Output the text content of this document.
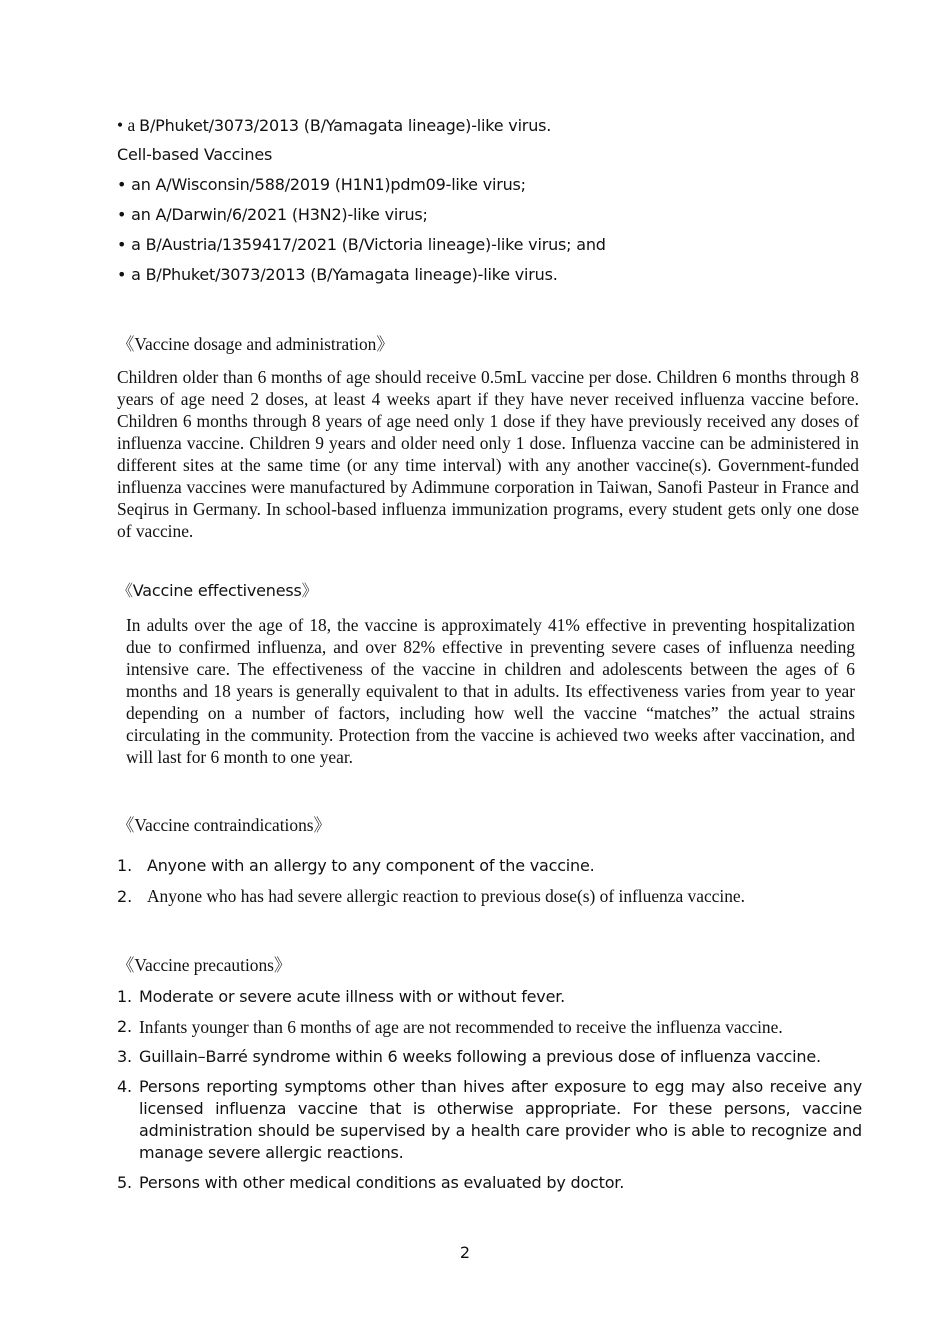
• a B/Phuket/3073/2013 (B/Yamagata lineage)-like virus.
Cell-based Vaccines
• an A/Wisconsin/588/2019 (H1N1)pdm09-like virus;
• an A/Darwin/6/2021 (H3N2)-like virus;
• a B/Austria/1359417/2021 (B/Victoria lineage)-like virus; and
• a B/Phuket/3073/2013 (B/Yamagata lineage)-like virus.
《Vaccine dosage and administration》
Children older than 6 months of age should receive 0.5mL vaccine per dose. Children 6 months through 8 years of age need 2 doses, at least 4 weeks apart if they have never received influenza vaccine before. Children 6 months through 8 years of age need only 1 dose if they have previously received any doses of influenza vaccine. Children 9 years and older need only 1 dose. Influenza vaccine can be administered in different sites at the same time (or any time interval) with any another vaccine(s). Government-funded influenza vaccines were manufactured by Adimmune corporation in Taiwan, Sanofi Pasteur in France and Seqirus in Germany. In school-based influenza immunization programs, every student gets only one dose of vaccine.
《Vaccine effectiveness》
In adults over the age of 18, the vaccine is approximately 41% effective in preventing hospitalization due to confirmed influenza, and over 82% effective in preventing severe cases of influenza needing intensive care. The effectiveness of the vaccine in children and adolescents between the ages of 6 months and 18 years is generally equivalent to that in adults. Its effectiveness varies from year to year depending on a number of factors, including how well the vaccine “matches” the actual strains circulating in the community. Protection from the vaccine is achieved two weeks after vaccination, and will last for 6 month to one year.
《Vaccine contraindications》
1. Anyone with an allergy to any component of the vaccine.
2. Anyone who has had severe allergic reaction to previous dose(s) of influenza vaccine.
《Vaccine precautions》
1. Moderate or severe acute illness with or without fever.
2. Infants younger than 6 months of age are not recommended to receive the influenza vaccine.
3. Guillain–Barré syndrome within 6 weeks following a previous dose of influenza vaccine.
4. Persons reporting symptoms other than hives after exposure to egg may also receive any licensed influenza vaccine that is otherwise appropriate. For these persons, vaccine administration should be supervised by a health care provider who is able to recognize and manage severe allergic reactions.
5. Persons with other medical conditions as evaluated by doctor.
2
